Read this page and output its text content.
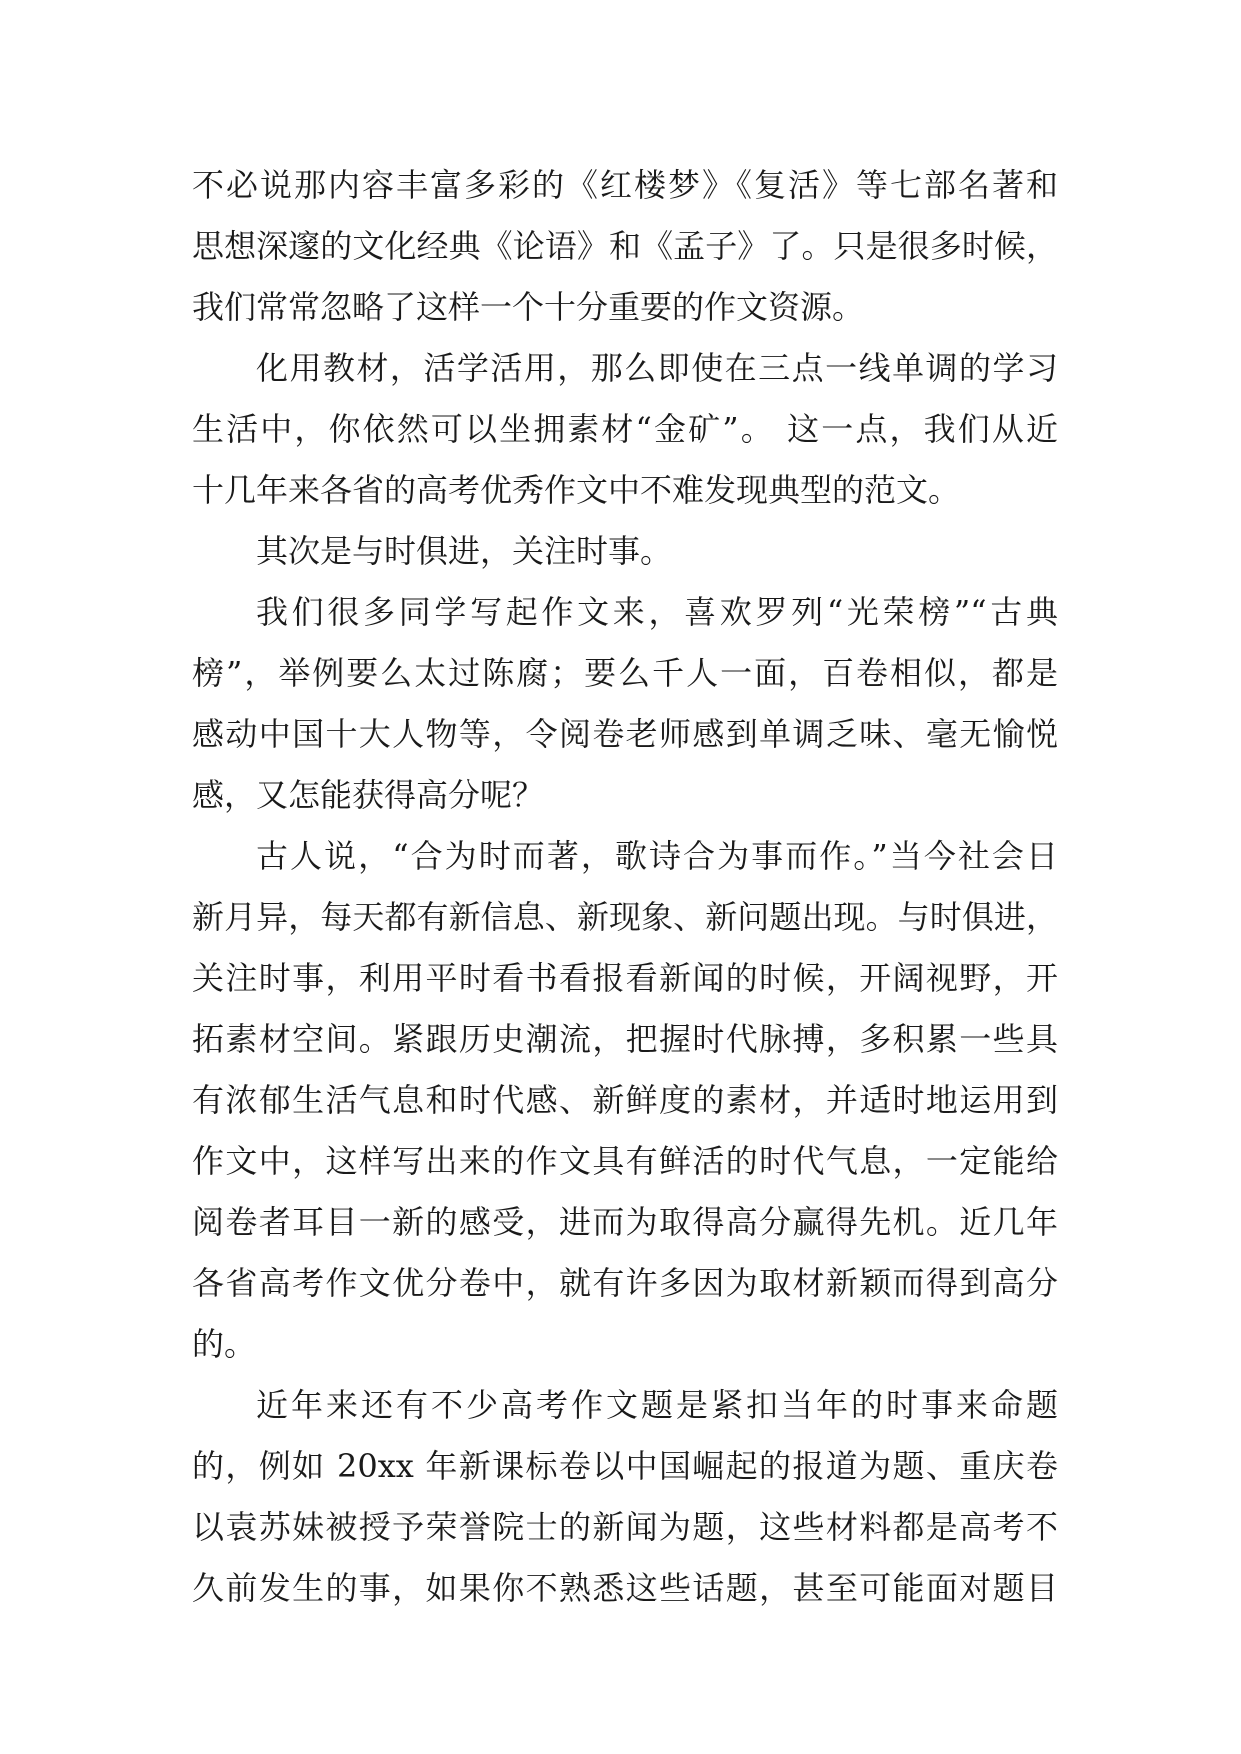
不必说那内容丰富多彩的《红楼梦》《复活》等七部名著和
思想深邃的文化经典《论语》和《孟子》了。只是很多时候，
我们常常忽略了这样一个十分重要的作文资源。
化用教材，活学活用，那么即使在三点一线单调的学习
生活中，你依然可以坐拥素材“金矿”。 这一点，我们从近
十几年来各省的高考优秀作文中不难发现典型的范文。
其次是与时俱进，关注时事。
我们很多同学写起作文来，喜欢罗列“光荣榜”“古典
榜”，举例要么太过陈腐；要么千人一面，百卷相似，都是
感动中国十大人物等，令阅卷老师感到单调乏味、毫无愉悦
感，又怎能获得高分呢？
古人说，“合为时而著，歌诗合为事而作。”当今社会日
新月异，每天都有新信息、新现象、新问题出现。与时俱进，
关注时事，利用平时看书看报看新闻的时候，开阔视野，开
拓素材空间。紧跟历史潮流，把握时代脉搏，多积累一些具
有浓郁生活气息和时代感、新鲜度的素材，并适时地运用到
作文中，这样写出来的作文具有鲜活的时代气息，一定能给
阅卷者耳目一新的感受，进而为取得高分赢得先机。近几年
各省高考作文优分卷中，就有许多因为取材新颖而得到高分
的。
近年来还有不少高考作文题是紧扣当年的时事来命题
的，例如 20xx 年新课标卷以中国崛起的报道为题、重庆卷
以袁苏妹被授予荣誉院士的新闻为题，这些材料都是高考不
久前发生的事，如果你不熟悉这些话题，甚至可能面对题目
